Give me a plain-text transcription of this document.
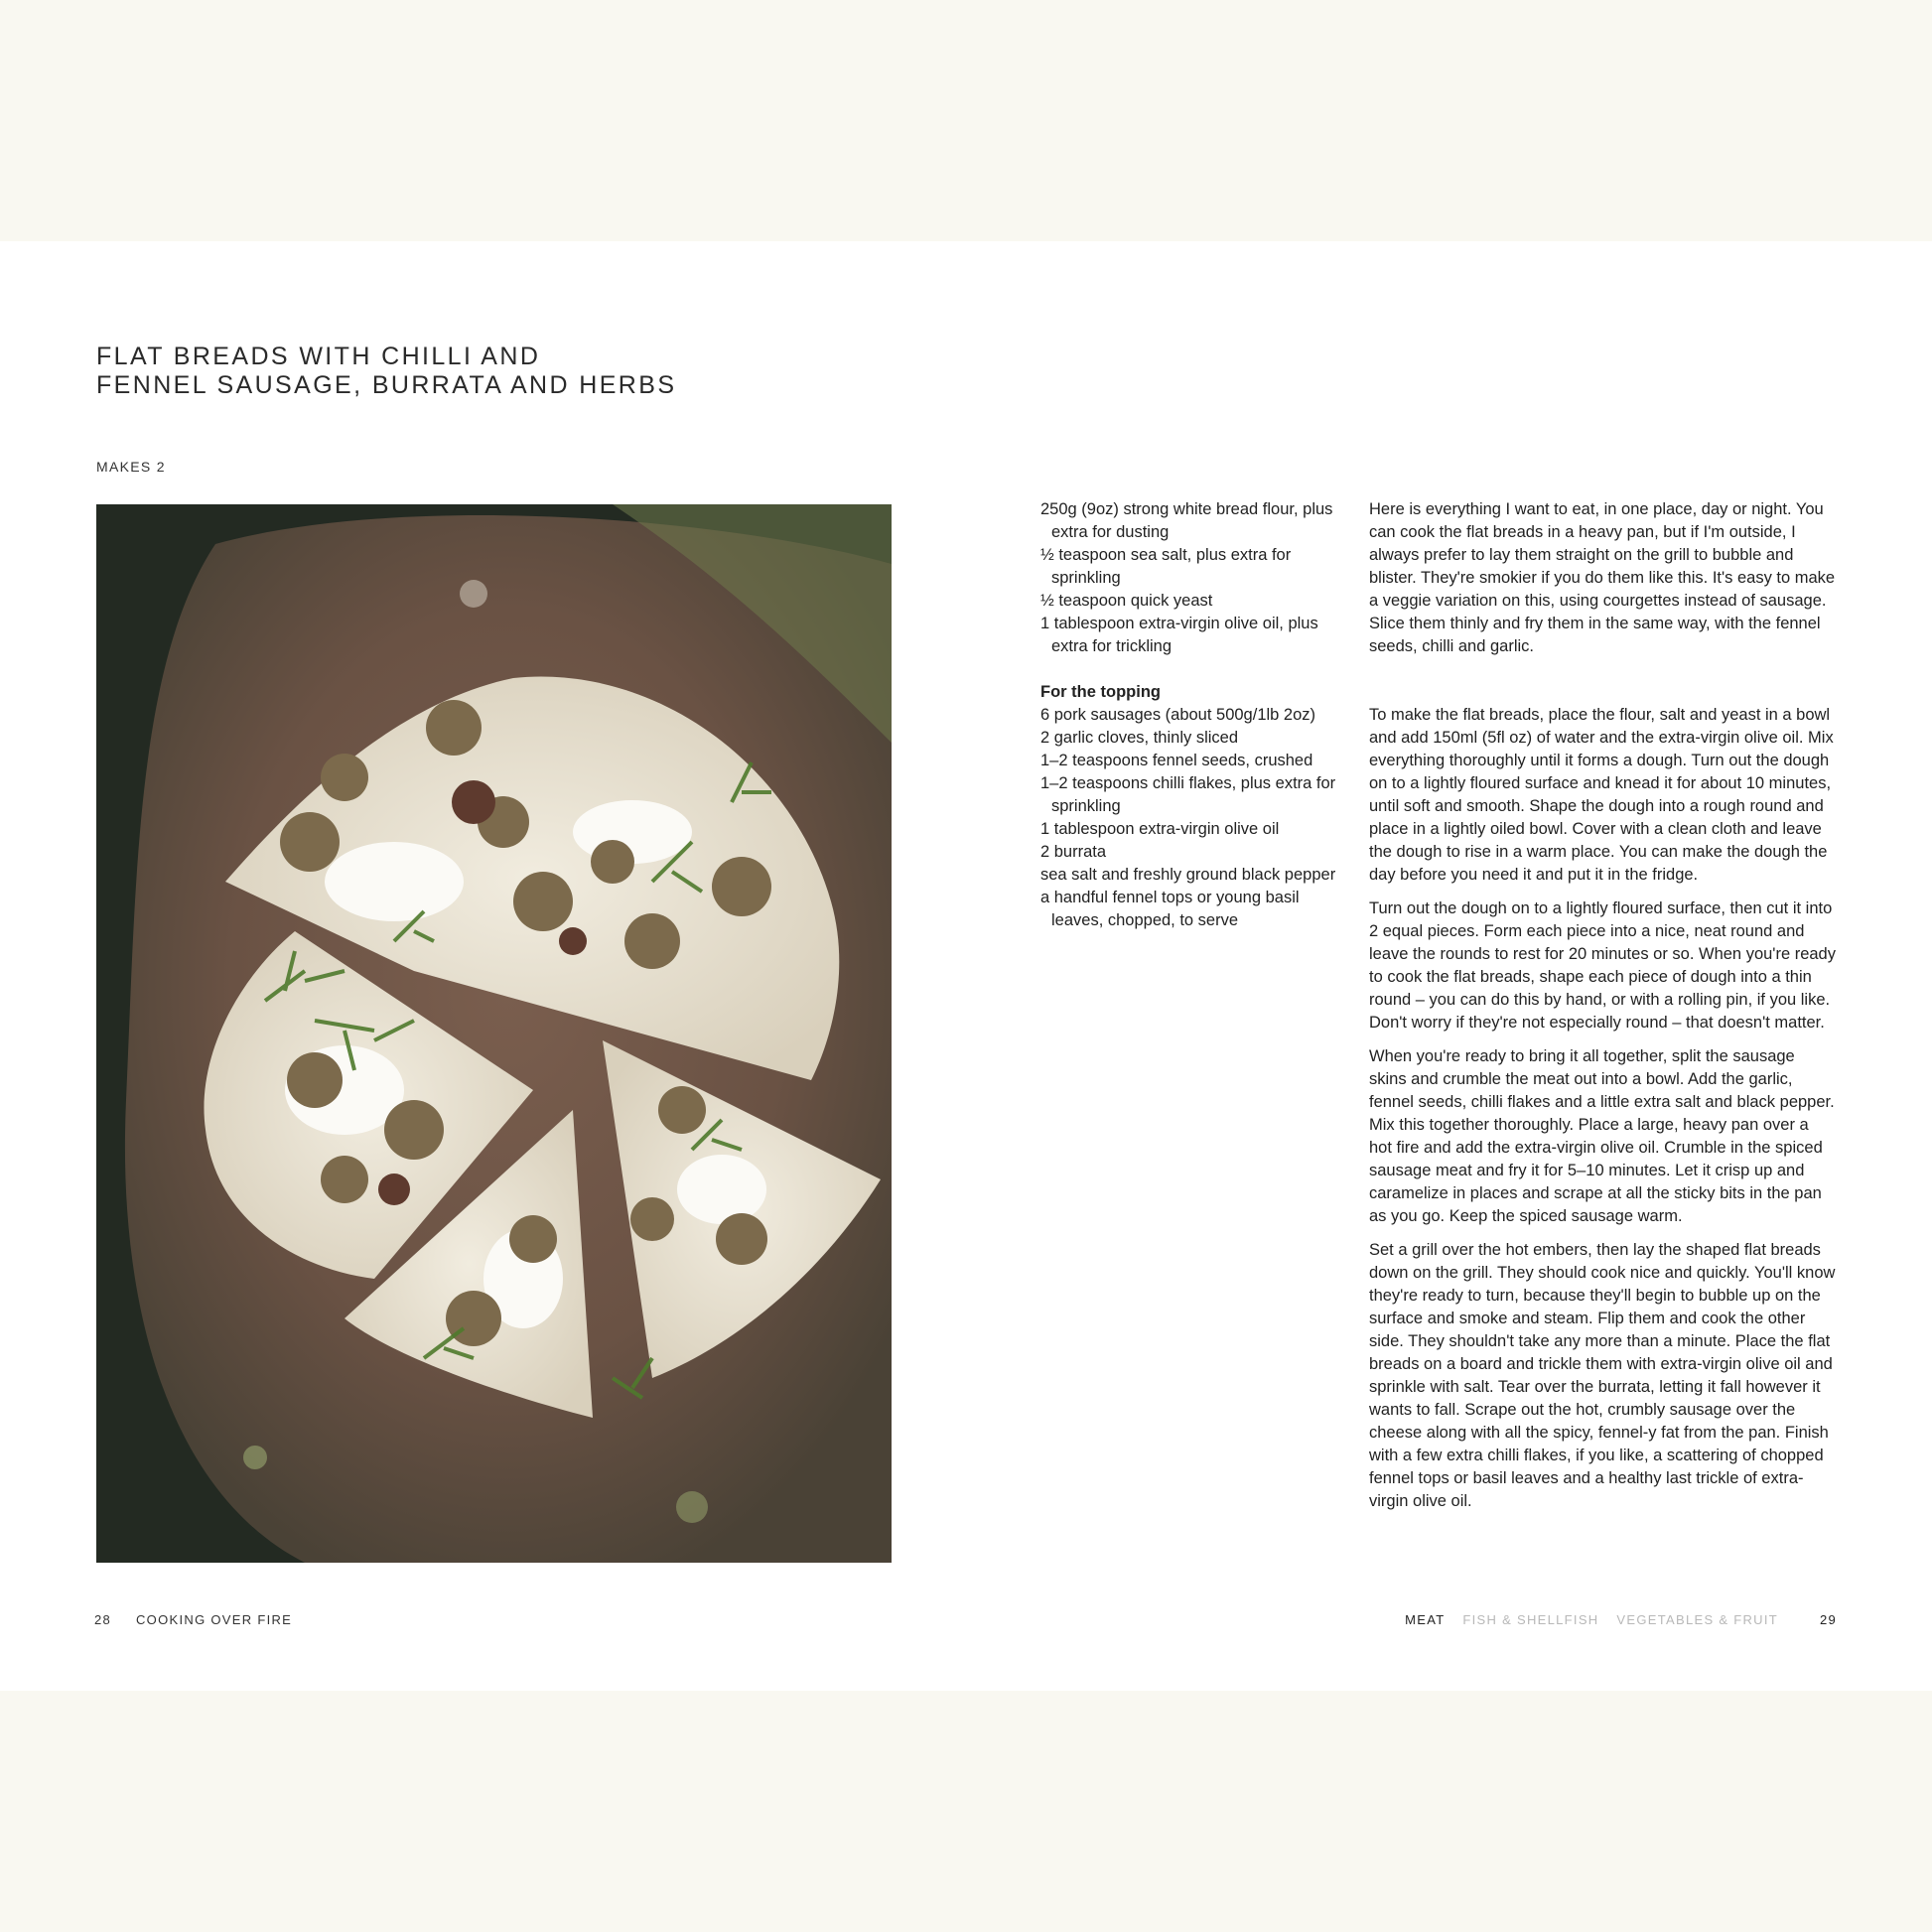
FLAT BREADS WITH CHILLI AND
FENNEL SAUSAGE, BURRATA AND HERBS
MAKES 2
250g (9oz) strong white bread flour, plus extra for dusting
½ teaspoon sea salt, plus extra for sprinkling
½ teaspoon quick yeast
1 tablespoon extra-virgin olive oil, plus extra for trickling
For the topping
6 pork sausages (about 500g/1lb 2oz)
2 garlic cloves, thinly sliced
1–2 teaspoons fennel seeds, crushed
1–2 teaspoons chilli flakes, plus extra for sprinkling
1 tablespoon extra-virgin olive oil
2 burrata
sea salt and freshly ground black pepper
a handful fennel tops or young basil leaves, chopped, to serve

Here is everything I want to eat, in one place, day or night. You can cook the flat breads in a heavy pan, but if I'm outside, I always prefer to lay them straight on the grill to bubble and blister. They're smokier if you do them like this. It's easy to make a veggie variation on this, using courgettes instead of sausage. Slice them thinly and fry them in the same way, with the fennel seeds, chilli and garlic.

To make the flat breads, place the flour, salt and yeast in a bowl and add 150ml (5fl oz) of water and the extra-virgin olive oil. Mix everything thoroughly until it forms a dough. Turn out the dough on to a lightly floured surface and knead it for about 10 minutes, until soft and smooth. Shape the dough into a rough round and place in a lightly oiled bowl. Cover with a clean cloth and leave the dough to rise in a warm place. You can make the dough the day before you need it and put it in the fridge.

Turn out the dough on to a lightly floured surface, then cut it into 2 equal pieces. Form each piece into a nice, neat round and leave the rounds to rest for 20 minutes or so. When you're ready to cook the flat breads, shape each piece of dough into a thin round – you can do this by hand, or with a rolling pin, if you like. Don't worry if they're not especially round – that doesn't matter.

When you're ready to bring it all together, split the sausage skins and crumble the meat out into a bowl. Add the garlic, fennel seeds, chilli flakes and a little extra salt and black pepper. Mix this together thoroughly. Place a large, heavy pan over a hot fire and add the extra-virgin olive oil. Crumble in the spiced sausage meat and fry it for 5–10 minutes. Let it crisp up and caramelize in places and scrape at all the sticky bits in the pan as you go. Keep the spiced sausage warm.

Set a grill over the hot embers, then lay the shaped flat breads down on the grill. They should cook nice and quickly. You'll know they're ready to turn, because they'll begin to bubble up on the surface and smoke and steam. Flip them and cook the other side. They shouldn't take any more than a minute. Place the flat breads on a board and trickle them with extra-virgin olive oil and sprinkle with salt. Tear over the burrata, letting it fall however it wants to fall. Scrape out the hot, crumbly sausage over the cheese along with all the spicy, fennel-y fat from the pan. Finish with a few extra chilli flakes, if you like, a scattering of chopped fennel tops or basil leaves and a healthy last trickle of extra-virgin olive oil.

28 COOKING OVER FIRE	MEAT FISH & SHELLFISH VEGETABLES & FRUIT	29
